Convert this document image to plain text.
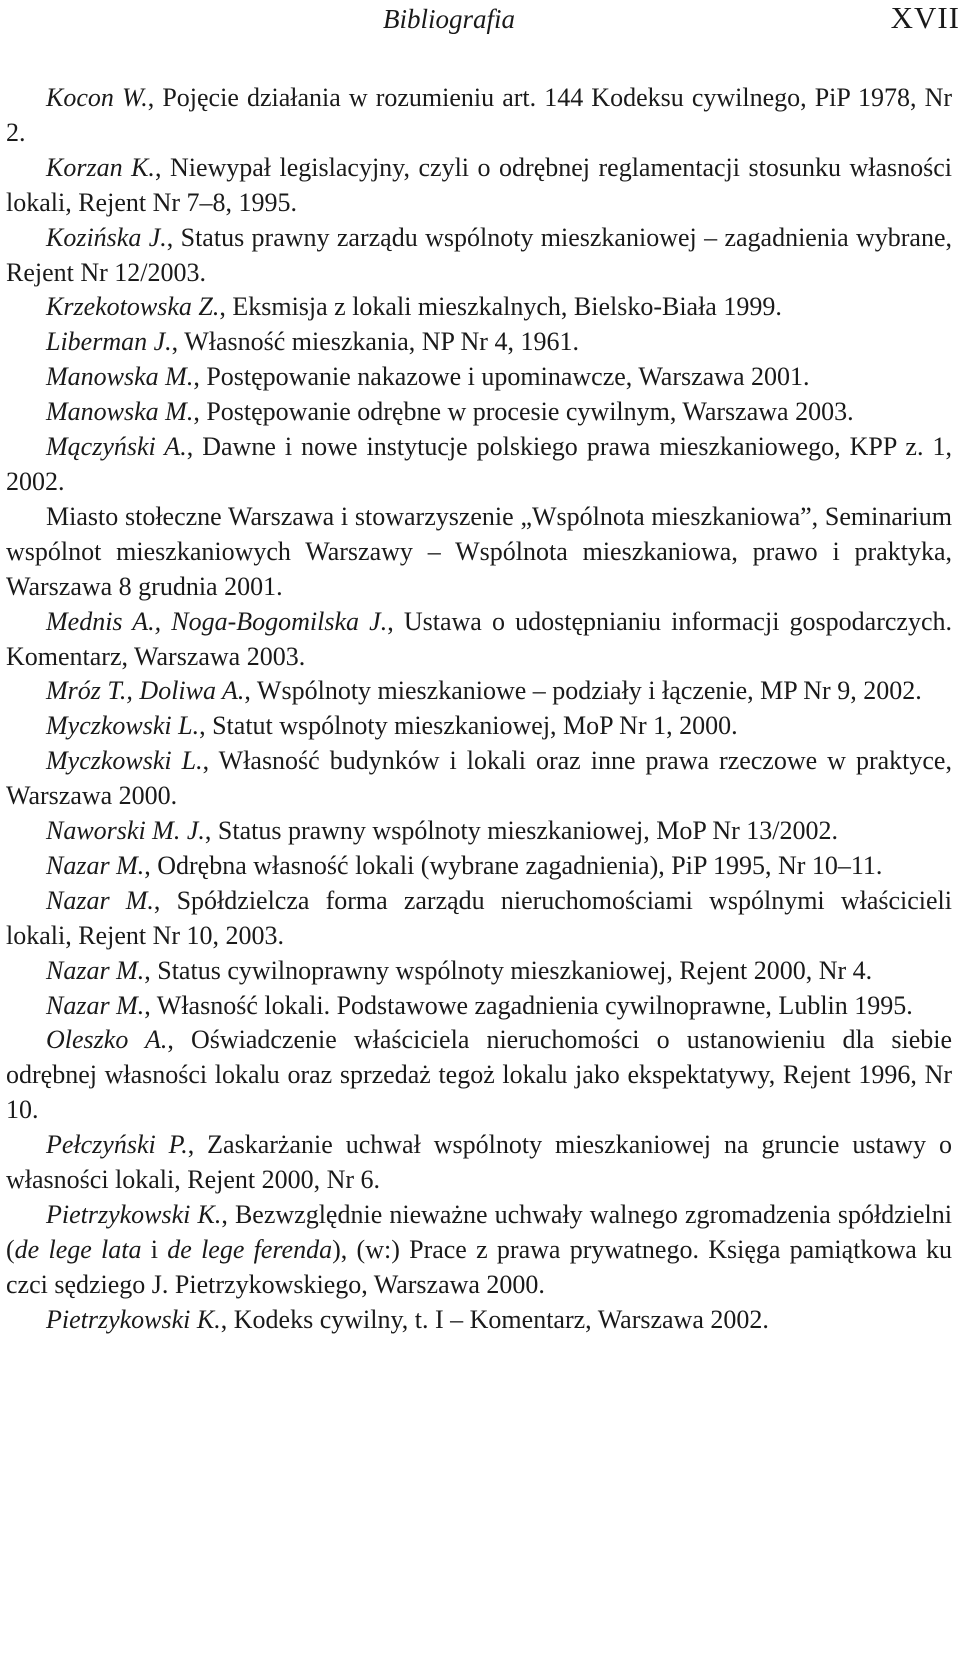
Bibliografia	XVII

Kocon W., Pojęcie działania w rozumieniu art. 144 Kodeksu cywilnego, PiP 1978, Nr 2.

Korzan K., Niewypał legislacyjny, czyli o odrębnej reglamentacji stosunku własności lokali, Rejent Nr 7–8, 1995.

Kozińska J., Status prawny zarządu wspólnoty mieszkaniowej – zagadnienia wybrane, Rejent Nr 12/2003.

Krzekotowska Z., Eksmisja z lokali mieszkalnych, Bielsko-Biała 1999.

Liberman J., Własność mieszkania, NP Nr 4, 1961.

Manowska M., Postępowanie nakazowe i upominawcze, Warszawa 2001.

Manowska M., Postępowanie odrębne w procesie cywilnym, Warszawa 2003.

Mączyński A., Dawne i nowe instytucje polskiego prawa mieszkaniowego, KPP z. 1, 2002.

Miasto stołeczne Warszawa i stowarzyszenie „Wspólnota mieszkaniowa”, Seminarium wspólnot mieszkaniowych Warszawy – Wspólnota mieszkaniowa, prawo i praktyka, Warszawa 8 grudnia 2001.

Mednis A., Noga-Bogomilska J., Ustawa o udostępnianiu informacji gospodarczych. Komentarz, Warszawa 2003.

Mróz T., Doliwa A., Wspólnoty mieszkaniowe – podziały i łączenie, MP Nr 9, 2002.

Myczkowski L., Statut wspólnoty mieszkaniowej, MoP Nr 1, 2000.

Myczkowski L., Własność budynków i lokali oraz inne prawa rzeczowe w praktyce, Warszawa 2000.

Naworski M. J., Status prawny wspólnoty mieszkaniowej, MoP Nr 13/2002.

Nazar M., Odrębna własność lokali (wybrane zagadnienia), PiP 1995, Nr 10–11.

Nazar M., Spółdzielcza forma zarządu nieruchomościami wspólnymi właścicieli lokali, Rejent Nr 10, 2003.

Nazar M., Status cywilnoprawny wspólnoty mieszkaniowej, Rejent 2000, Nr 4.

Nazar M., Własność lokali. Podstawowe zagadnienia cywilnoprawne, Lublin 1995.

Oleszko A., Oświadczenie właściciela nieruchomości o ustanowieniu dla siebie odrębnej własności lokalu oraz sprzedaż tegoż lokalu jako ekspektatywy, Rejent 1996, Nr 10.

Pełczyński P., Zaskarżanie uchwał wspólnoty mieszkaniowej na gruncie ustawy o własności lokali, Rejent 2000, Nr 6.

Pietrzykowski K., Bezwzględnie nieważne uchwały walnego zgromadzenia spółdzielni (de lege lata i de lege ferenda), (w:) Prace z prawa prywatnego. Księga pamiątkowa ku czci sędziego J. Pietrzykowskiego, Warszawa 2000.

Pietrzykowski K., Kodeks cywilny, t. I – Komentarz, Warszawa 2002.
